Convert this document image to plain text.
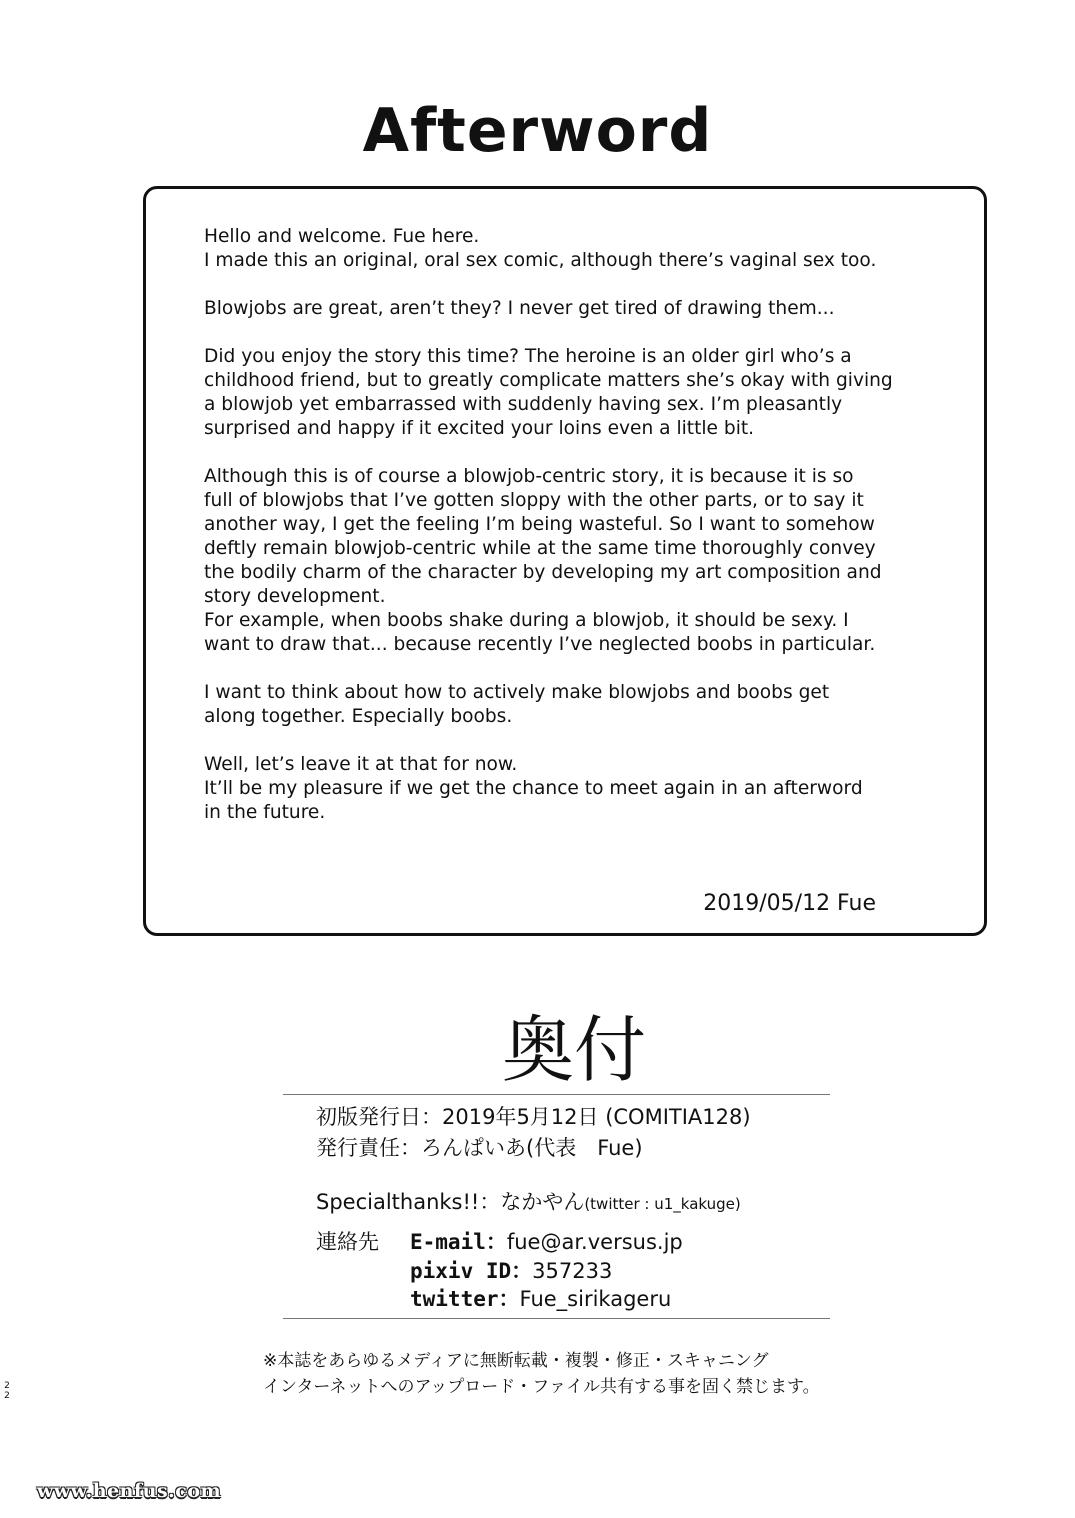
Afterword
Hello and welcome. Fue here.
I made this an original, oral sex comic, although there’s vaginal sex too.
Blowjobs are great, aren’t they? I never get tired of drawing them...
Did you enjoy the story this time? The heroine is an older girl who’s a
childhood friend, but to greatly complicate matters she’s okay with giving
a blowjob yet embarrassed with suddenly having sex. I’m pleasantly
surprised and happy if it excited your loins even a little bit.
Although this is of course a blowjob-centric story, it is because it is so
full of blowjobs that I’ve gotten sloppy with the other parts, or to say it
another way, I get the feeling I’m being wasteful. So I want to somehow
deftly remain blowjob-centric while at the same time thoroughly convey
the bodily charm of the character by developing my art composition and
story development.
For example, when boobs shake during a blowjob, it should be sexy. I
want to draw that... because recently I’ve neglected boobs in particular.
I want to think about how to actively make blowjobs and boobs get
along together. Especially boobs.
Well, let’s leave it at that for now.
It’ll be my pleasure if we get the chance to meet again in an afterword
in the future.
2019/05/12 Fue
奥付
初版発行日：2019年5月12日 (COMITIA128)
発行責任：ろんぱいあ(代表　Fue)
Specialthanks!!：なかやん(twitter : u1_kakuge)
連絡先 E-mail：fue@ar.versus.jp
pixiv ID：357233
twitter：Fue_sirikageru
※本誌をあらゆるメディアに無断転載・複製・修正・スキャニング
インターネットへのアップロード・ファイル共有する事を固く禁じます。
2
2
www.henfus.com
